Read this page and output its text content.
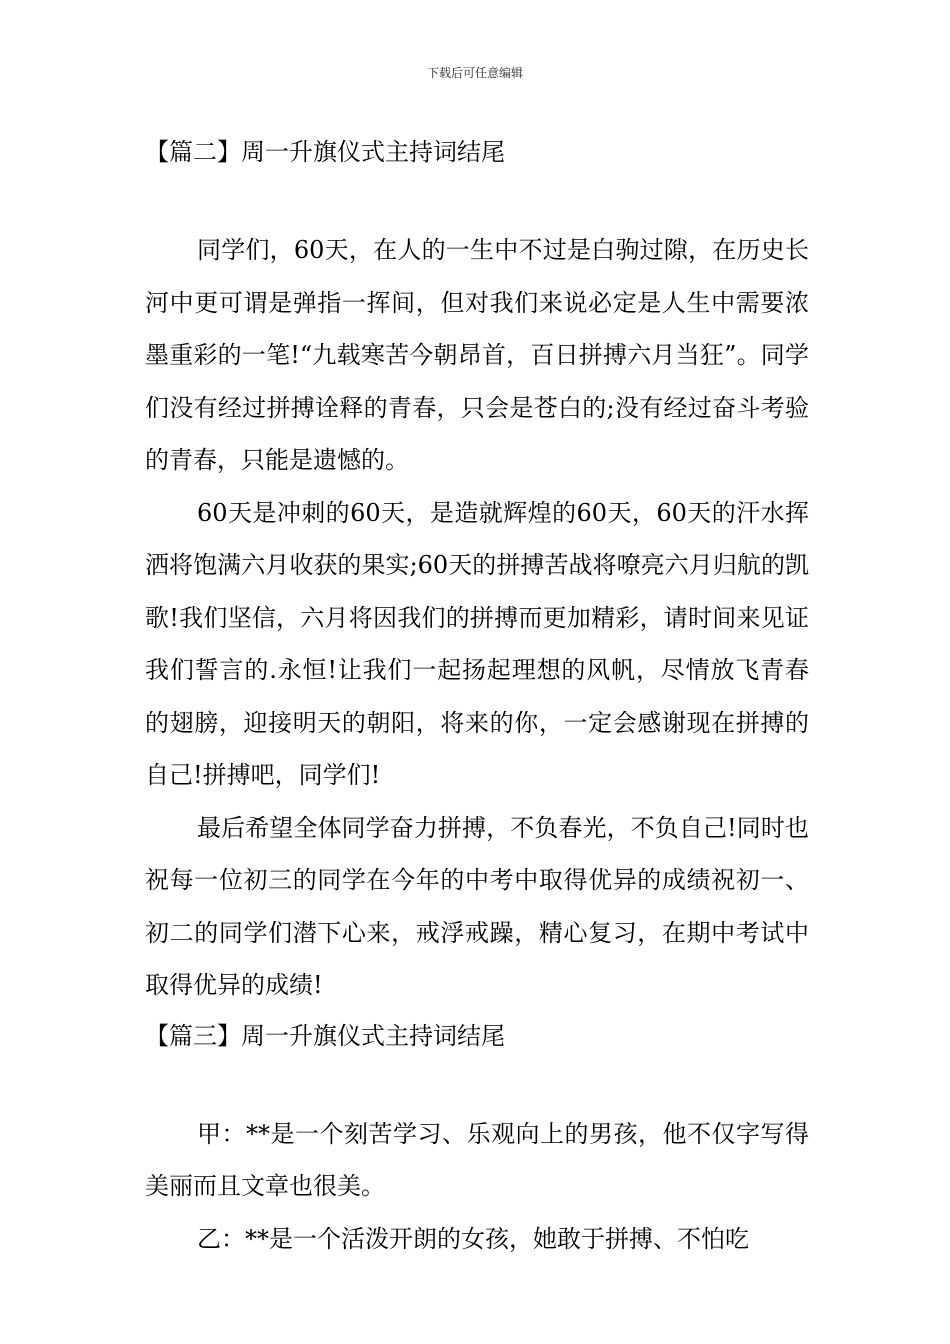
下载后可任意编辑
【篇二】周一升旗仪式主持词结尾

同学们，60天，在人的一生中不过是白驹过隙，在历史长河中更可谓是弹指一挥间，但对我们来说必定是人生中需要浓墨重彩的一笔!“九载寒苦今朝昂首，百日拼搏六月当狂”。同学们没有经过拼搏诠释的青春，只会是苍白的;没有经过奋斗考验的青春，只能是遗憾的。

60天是冲刺的60天，是造就辉煌的60天，60天的汗水挥洒将饱满六月收获的果实;60天的拼搏苦战将嘹亮六月归航的凯歌!我们坚信，六月将因我们的拼搏而更加精彩，请时间来见证我们誓言的.永恒!让我们一起扬起理想的风帆，尽情放飞青春的翅膀，迎接明天的朝阳，将来的你，一定会感谢现在拼搏的自己!拼搏吧，同学们!

最后希望全体同学奋力拼搏，不负春光，不负自己!同时也祝每一位初三的同学在今年的中考中取得优异的成绩祝初一、初二的同学们潜下心来，戒浮戒躁，精心复习，在期中考试中取得优异的成绩!

【篇三】周一升旗仪式主持词结尾

甲：**是一个刻苦学习、乐观向上的男孩，他不仅字写得美丽而且文章也很美。

乙：**是一个活泼开朗的女孩，她敢于拼搏、不怕吃
